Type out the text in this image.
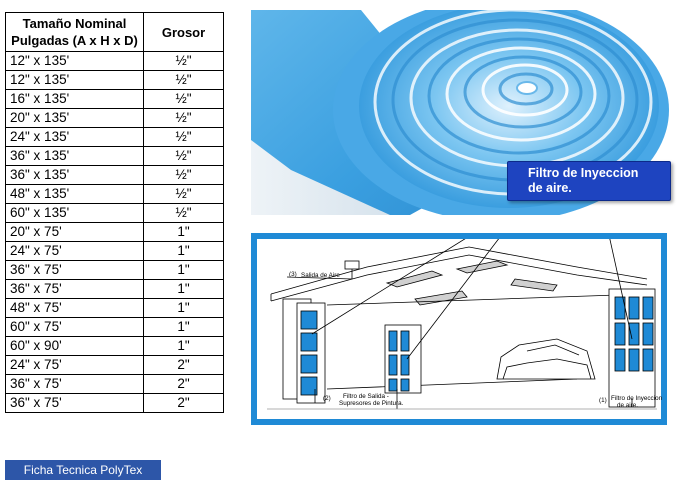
Tamaño Nominal
Pulgadas (A x H x D)	Grosor
12" x 135'	½"
12" x 135'	½"
16" x 135'	½"
20" x 135'	½"
24" x 135'	½"
36" x 135'	½"
36" x 135'	½"
48" x 135'	½"
60" x 135'	½"
20" x 75'	1"
24" x 75'	1"
36" x 75'	1"
36" x 75'	1"
48" x 75'	1"
60" x 75'	1"
60" x 90'	1"
24" x 75'	2"
36" x 75'	2"
36" x 75'	2"
(3) Salida de Aire
(2) Filtro de Salida -
Supresores de Pintura.	(1) Filtro de Inyeccion
de aire.
Filtro de Inyeccion
de aire.
Ficha Tecnica PolyTex
